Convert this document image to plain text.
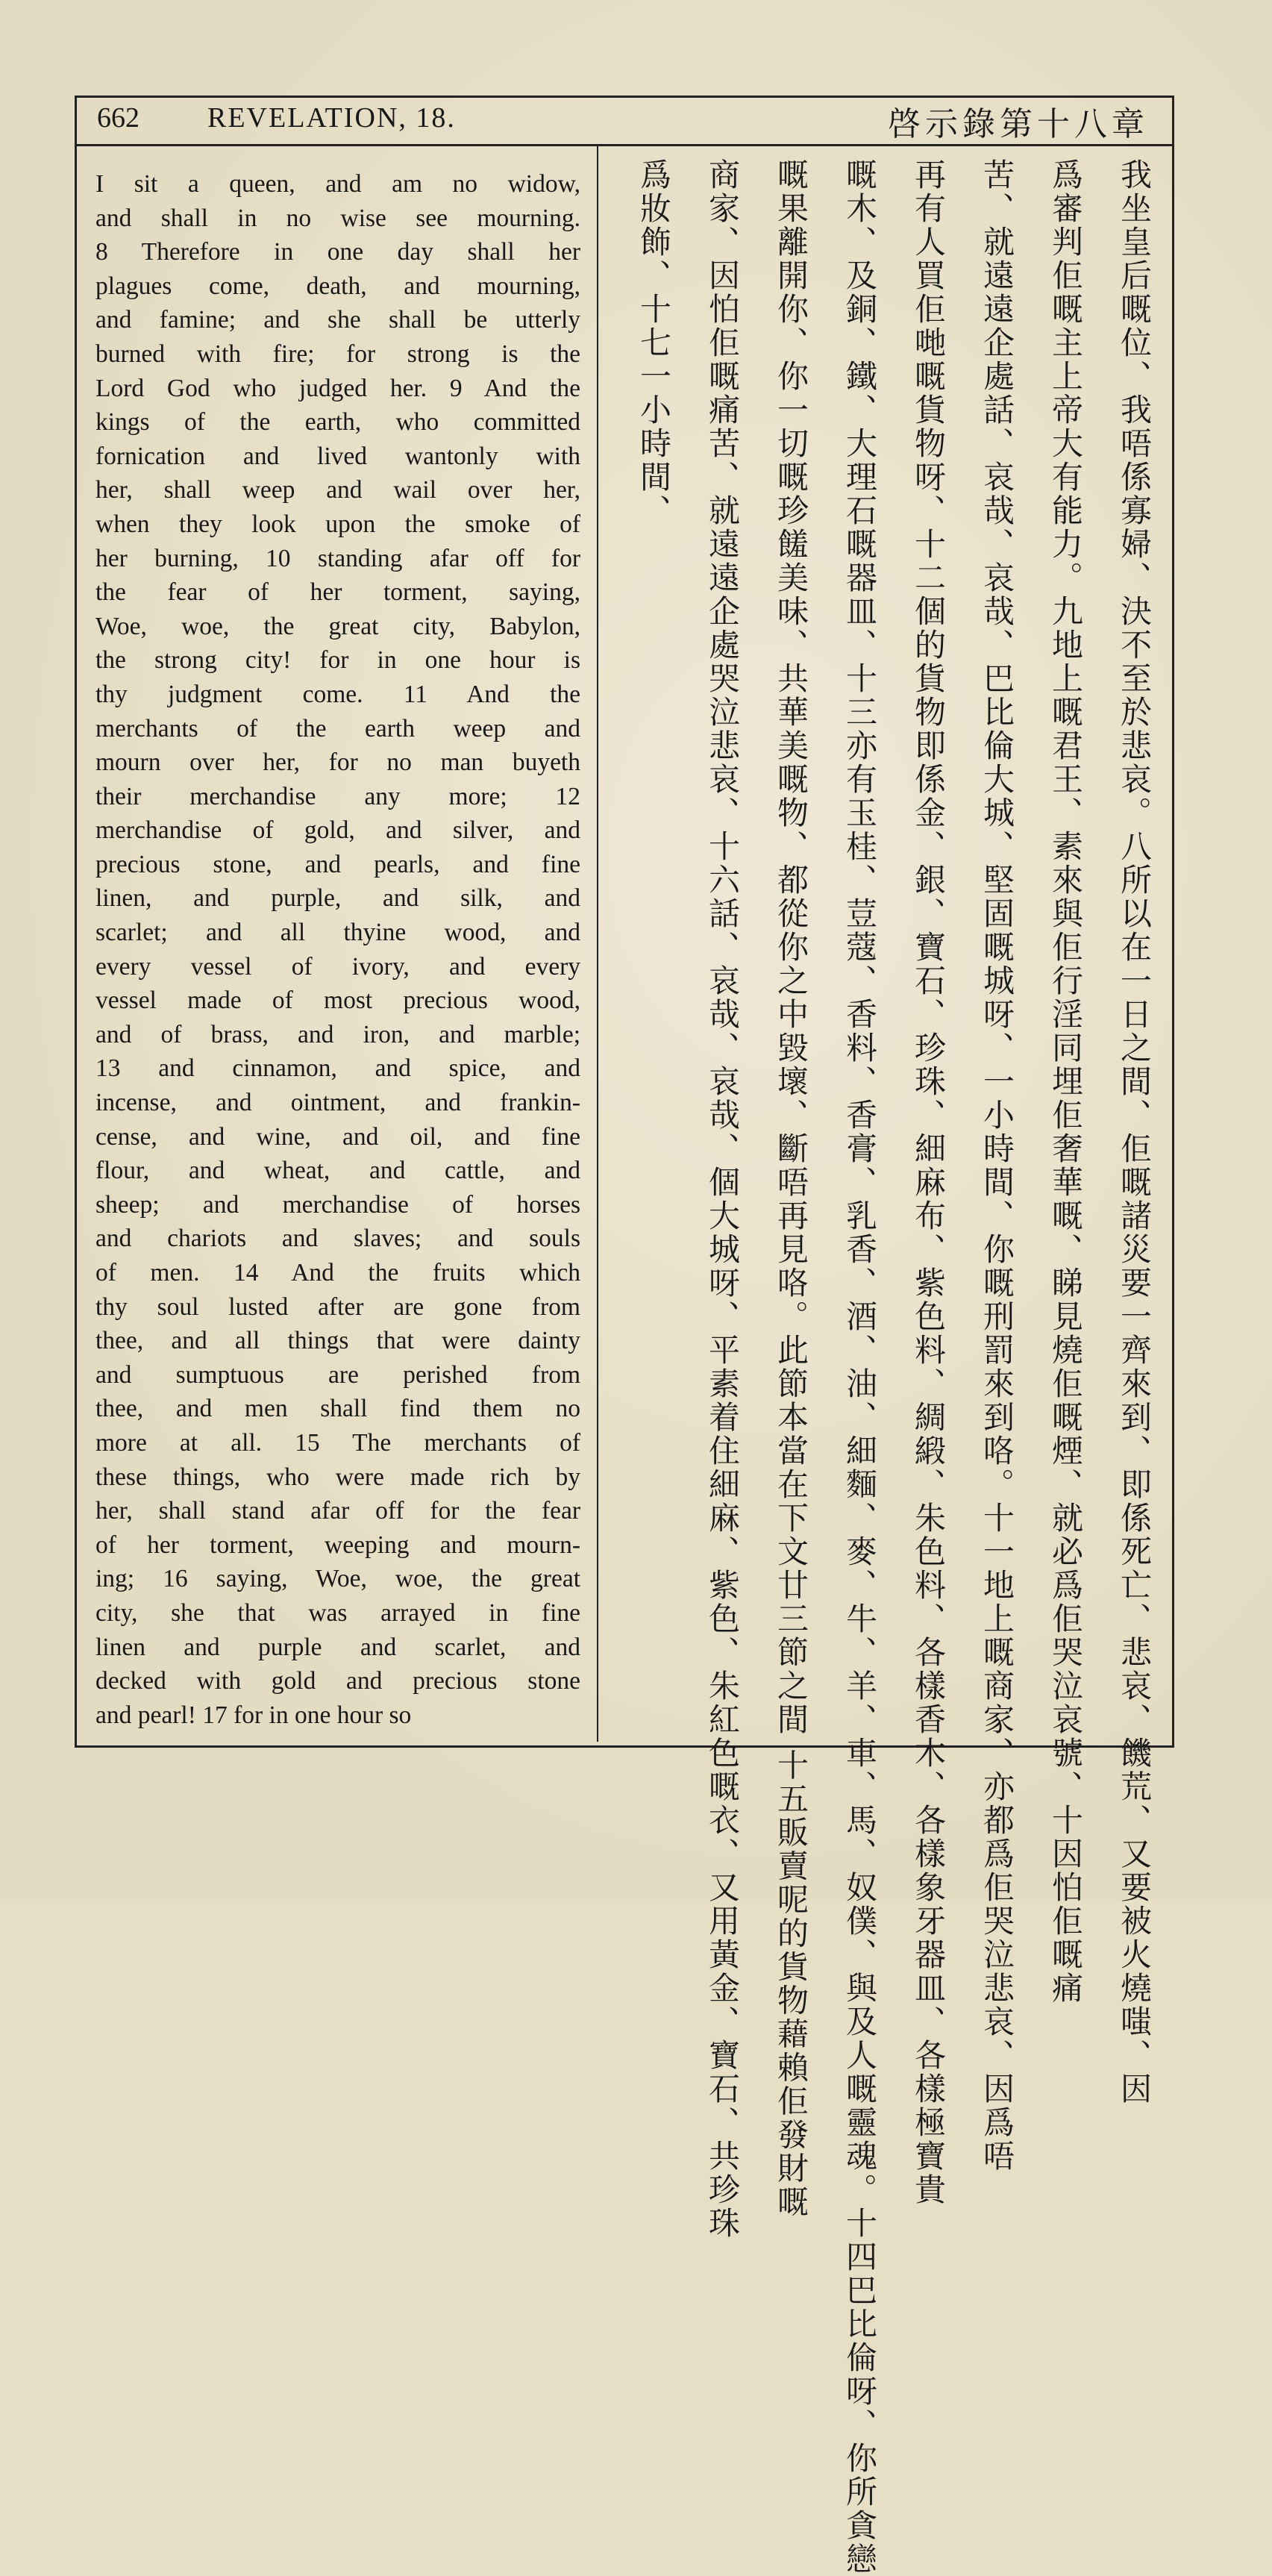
662 REVELATION, 18.	啓示錄第十八章
I sit a queen, and am no widow,
and shall in no wise see mourning.
8 Therefore in one day shall her
plagues come, death, and mourning,
and famine; and she shall be utterly
burned with fire; for strong is the
Lord God who judged her. 9 And the
kings of the earth, who committed
fornication and lived wantonly with
her, shall weep and wail over her,
when they look upon the smoke of
her burning, 10 standing afar off for
the fear of her torment, saying,
Woe, woe, the great city, Babylon,
the strong city! for in one hour is
thy judgment come. 11 And the
merchants of the earth weep and
mourn over her, for no man buyeth
their merchandise any more; 12
merchandise of gold, and silver, and
precious stone, and pearls, and fine
linen, and purple, and silk, and
scarlet; and all thyine wood, and
every vessel of ivory, and every
vessel made of most precious wood,
and of brass, and iron, and marble;
13 and cinnamon, and spice, and
incense, and ointment, and frankin-
cense, and wine, and oil, and fine
flour, and wheat, and cattle, and
sheep; and merchandise of horses
and chariots and slaves; and souls
of men. 14 And the fruits which
thy soul lusted after are gone from
thee, and all things that were dainty
and sumptuous are perished from
thee, and men shall find them no
more at all. 15 The merchants of
these things, who were made rich by
her, shall stand afar off for the fear
of her torment, weeping and mourn-
ing; 16 saying, Woe, woe, the great
city, she that was arrayed in fine
linen and purple and scarlet, and
decked with gold and precious stone
and pearl! 17 for in one hour so	我坐皇后嘅位、我唔係寡婦、決不至於悲哀。八所以在一日之間、佢嘅諸災要一齊來到、即係死亡、悲哀、饑荒、又要被火燒嗤、因
爲審判佢嘅主上帝大有能力。九地上嘅君王、素來與佢行淫同埋佢奢華嘅、睇見燒佢嘅煙、就必爲佢哭泣哀號、十因怕佢嘅痛
苦、就遠遠企處話、哀哉、哀哉、巴比倫大城、堅固嘅城呀、一小時間、你嘅刑罰來到咯。十一地上嘅商家、亦都爲佢哭泣悲哀、因爲唔
再有人買佢哋嘅貨物呀、十二個的貨物即係金、銀、寶石、珍珠、細麻布、紫色料、綢緞、朱色料、各樣香木、各樣象牙器皿、各樣極寶貴
嘅木、及銅、鐵、大理石嘅器皿、十三亦有玉桂、荳蔻、香料、香膏、乳香、酒、油、細麵、麥、牛、羊、車、馬、奴僕、與及人嘅靈魂。十四巴比倫呀、你所貪戀
嘅果離開你、你一切嘅珍饈美味、共華美嘅物、都從你之中毀壞、斷唔再見咯。此節本當在下文廿三節之間 十五販賣呢的貨物藉賴佢發財嘅
商家、因怕佢嘅痛苦、就遠遠企處哭泣悲哀、十六話、哀哉、哀哉、個大城呀、平素着住細麻、紫色、朱紅色嘅衣、又用黃金、寶石、共珍珠
爲妝飾、十七一小時間、
